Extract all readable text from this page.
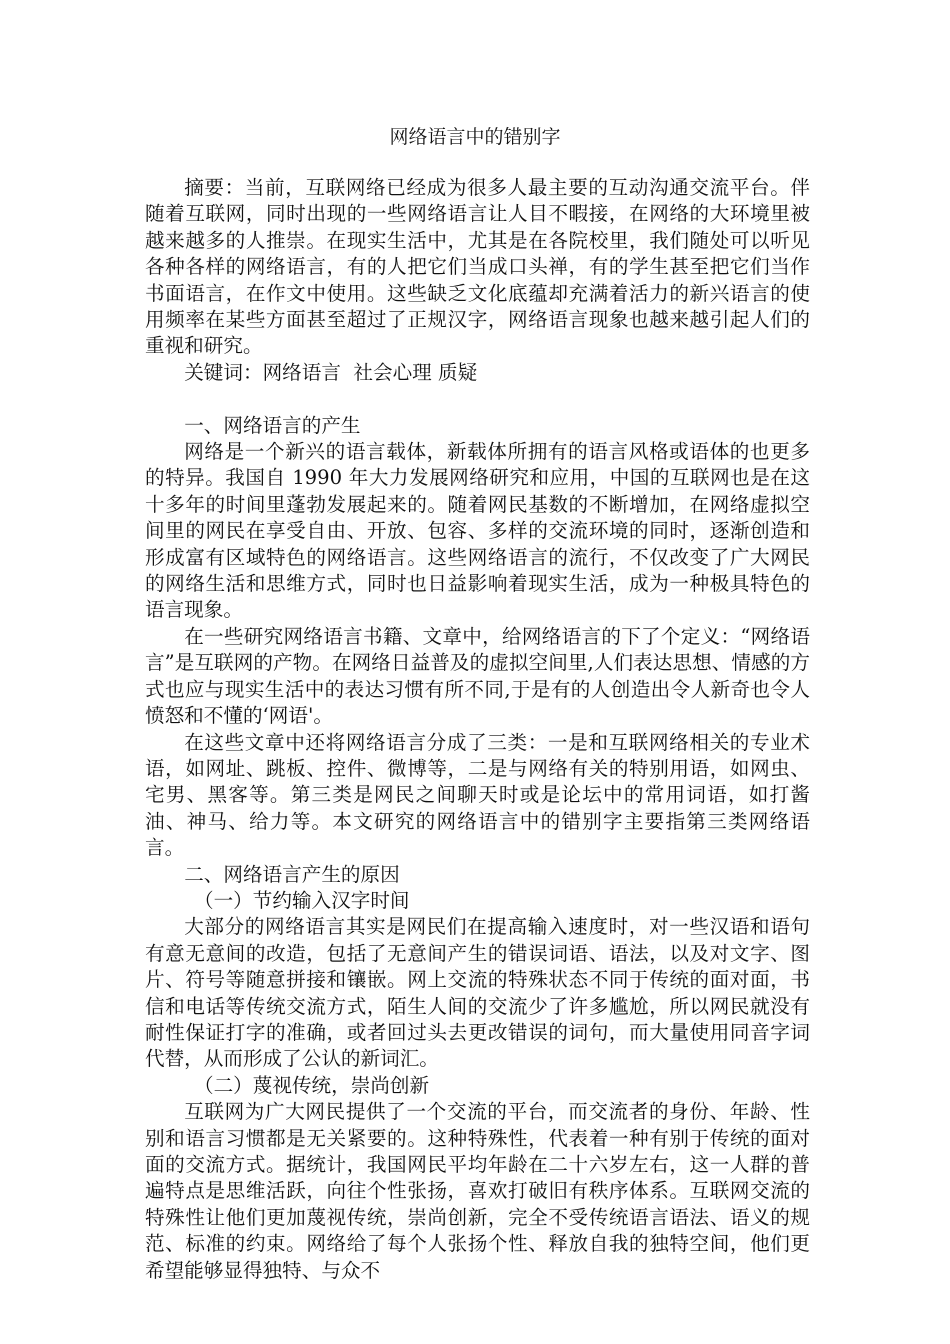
网络语言中的错别字

摘要：当前，互联网络已经成为很多人最主要的互动沟通交流平台。伴随着互联网，同时出现的一些网络语言让人目不暇接，在网络的大环境里被越来越多的人推崇。在现实生活中，尤其是在各院校里，我们随处可以听见各种各样的网络语言，有的人把它们当成口头禅，有的学生甚至把它们当作书面语言，在作文中使用。这些缺乏文化底蕴却充满着活力的新兴语言的使用频率在某些方面甚至超过了正规汉字，网络语言现象也越来越引起人们的重视和研究。

关键词：网络语言  社会心理 质疑

一、网络语言的产生

网络是一个新兴的语言载体，新载体所拥有的语言风格或语体的也更多的特异。我国自 1990 年大力发展网络研究和应用，中国的互联网也是在这十多年的时间里蓬勃发展起来的。随着网民基数的不断增加，在网络虚拟空间里的网民在享受自由、开放、包容、多样的交流环境的同时，逐渐创造和形成富有区域特色的网络语言。这些网络语言的流行，不仅改变了广大网民的网络生活和思维方式，同时也日益影响着现实生活，成为一种极具特色的语言现象。

在一些研究网络语言书籍、文章中，给网络语言的下了个定义：“网络语言”是互联网的产物。在网络日益普及的虚拟空间里,人们表达思想、情感的方式也应与现实生活中的表达习惯有所不同,于是有的人创造出令人新奇也令人愤怒和不懂的‘网语'。

在这些文章中还将网络语言分成了三类：一是和互联网络相关的专业术语，如网址、跳板、控件、微博等，二是与网络有关的特别用语，如网虫、宅男、黑客等。第三类是网民之间聊天时或是论坛中的常用词语，如打酱油、神马、给力等。本文研究的网络语言中的错别字主要指第三类网络语言。

二、网络语言产生的原因

（一）节约输入汉字时间

大部分的网络语言其实是网民们在提高输入速度时，对一些汉语和语句有意无意间的改造，包括了无意间产生的错误词语、语法，以及对文字、图片、符号等随意拼接和镶嵌。网上交流的特殊状态不同于传统的面对面，书信和电话等传统交流方式，陌生人间的交流少了许多尴尬，所以网民就没有耐性保证打字的准确，或者回过头去更改错误的词句，而大量使用同音字词代替，从而形成了公认的新词汇。

（二）蔑视传统，崇尚创新

互联网为广大网民提供了一个交流的平台，而交流者的身份、年龄、性别和语言习惯都是无关紧要的。这种特殊性，代表着一种有别于传统的面对面的交流方式。据统计，我国网民平均年龄在二十六岁左右，这一人群的普遍特点是思维活跃，向往个性张扬，喜欢打破旧有秩序体系。互联网交流的特殊性让他们更加蔑视传统，崇尚创新，完全不受传统语言语法、语义的规范、标准的约束。网络给了每个人张扬个性、释放自我的独特空间，他们更希望能够显得独特、与众不
